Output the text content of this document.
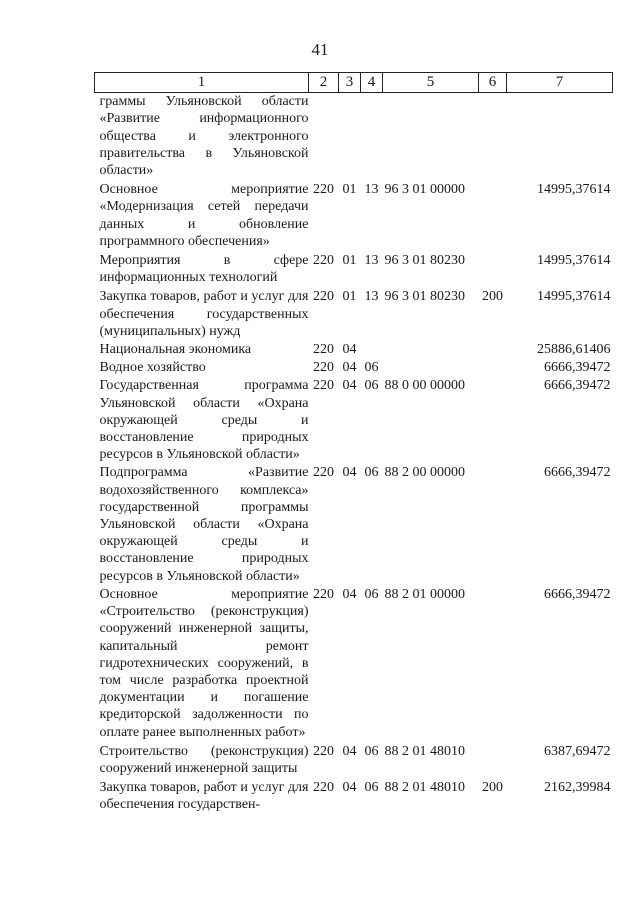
41
1	2	3	4	5	6	7
граммы Ульяновской области «Развитие информационного общества и электронного правительства в Ульяновской области»						
Основное мероприятие «Модернизация сетей передачи данных и обновление программного обеспечения»	220	01	13	96 3 01 00000		14995,37614
Мероприятия в сфере информационных технологий	220	01	13	96 3 01 80230		14995,37614
Закупка товаров, работ и услуг для обеспечения государственных (муниципальных) нужд	220	01	13	96 3 01 80230	200	14995,37614
Национальная экономика	220	04				25886,61406
Водное хозяйство	220	04	06			6666,39472
Государственная программа Ульяновской области «Охрана окружающей среды и восстановление природных ресурсов в Ульяновской области»	220	04	06	88 0 00 00000		6666,39472
Подпрограмма «Развитие водохозяйственного комплекса» государственной программы Ульяновской области «Охрана окружающей среды и восстановление природных ресурсов в Ульяновской области»	220	04	06	88 2 00 00000		6666,39472
Основное мероприятие «Строительство (реконструкция) сооружений инженерной защиты, капитальный ремонт гидротехнических сооружений, в том числе разработка проектной документации и погашение кредиторской задолженности по оплате ранее выполненных работ»	220	04	06	88 2 01 00000		6666,39472
Строительство (реконструкция) сооружений инженерной защиты	220	04	06	88 2 01 48010		6387,69472
Закупка товаров, работ и услуг для обеспечения государствен-	220	04	06	88 2 01 48010	200	2162,39984
